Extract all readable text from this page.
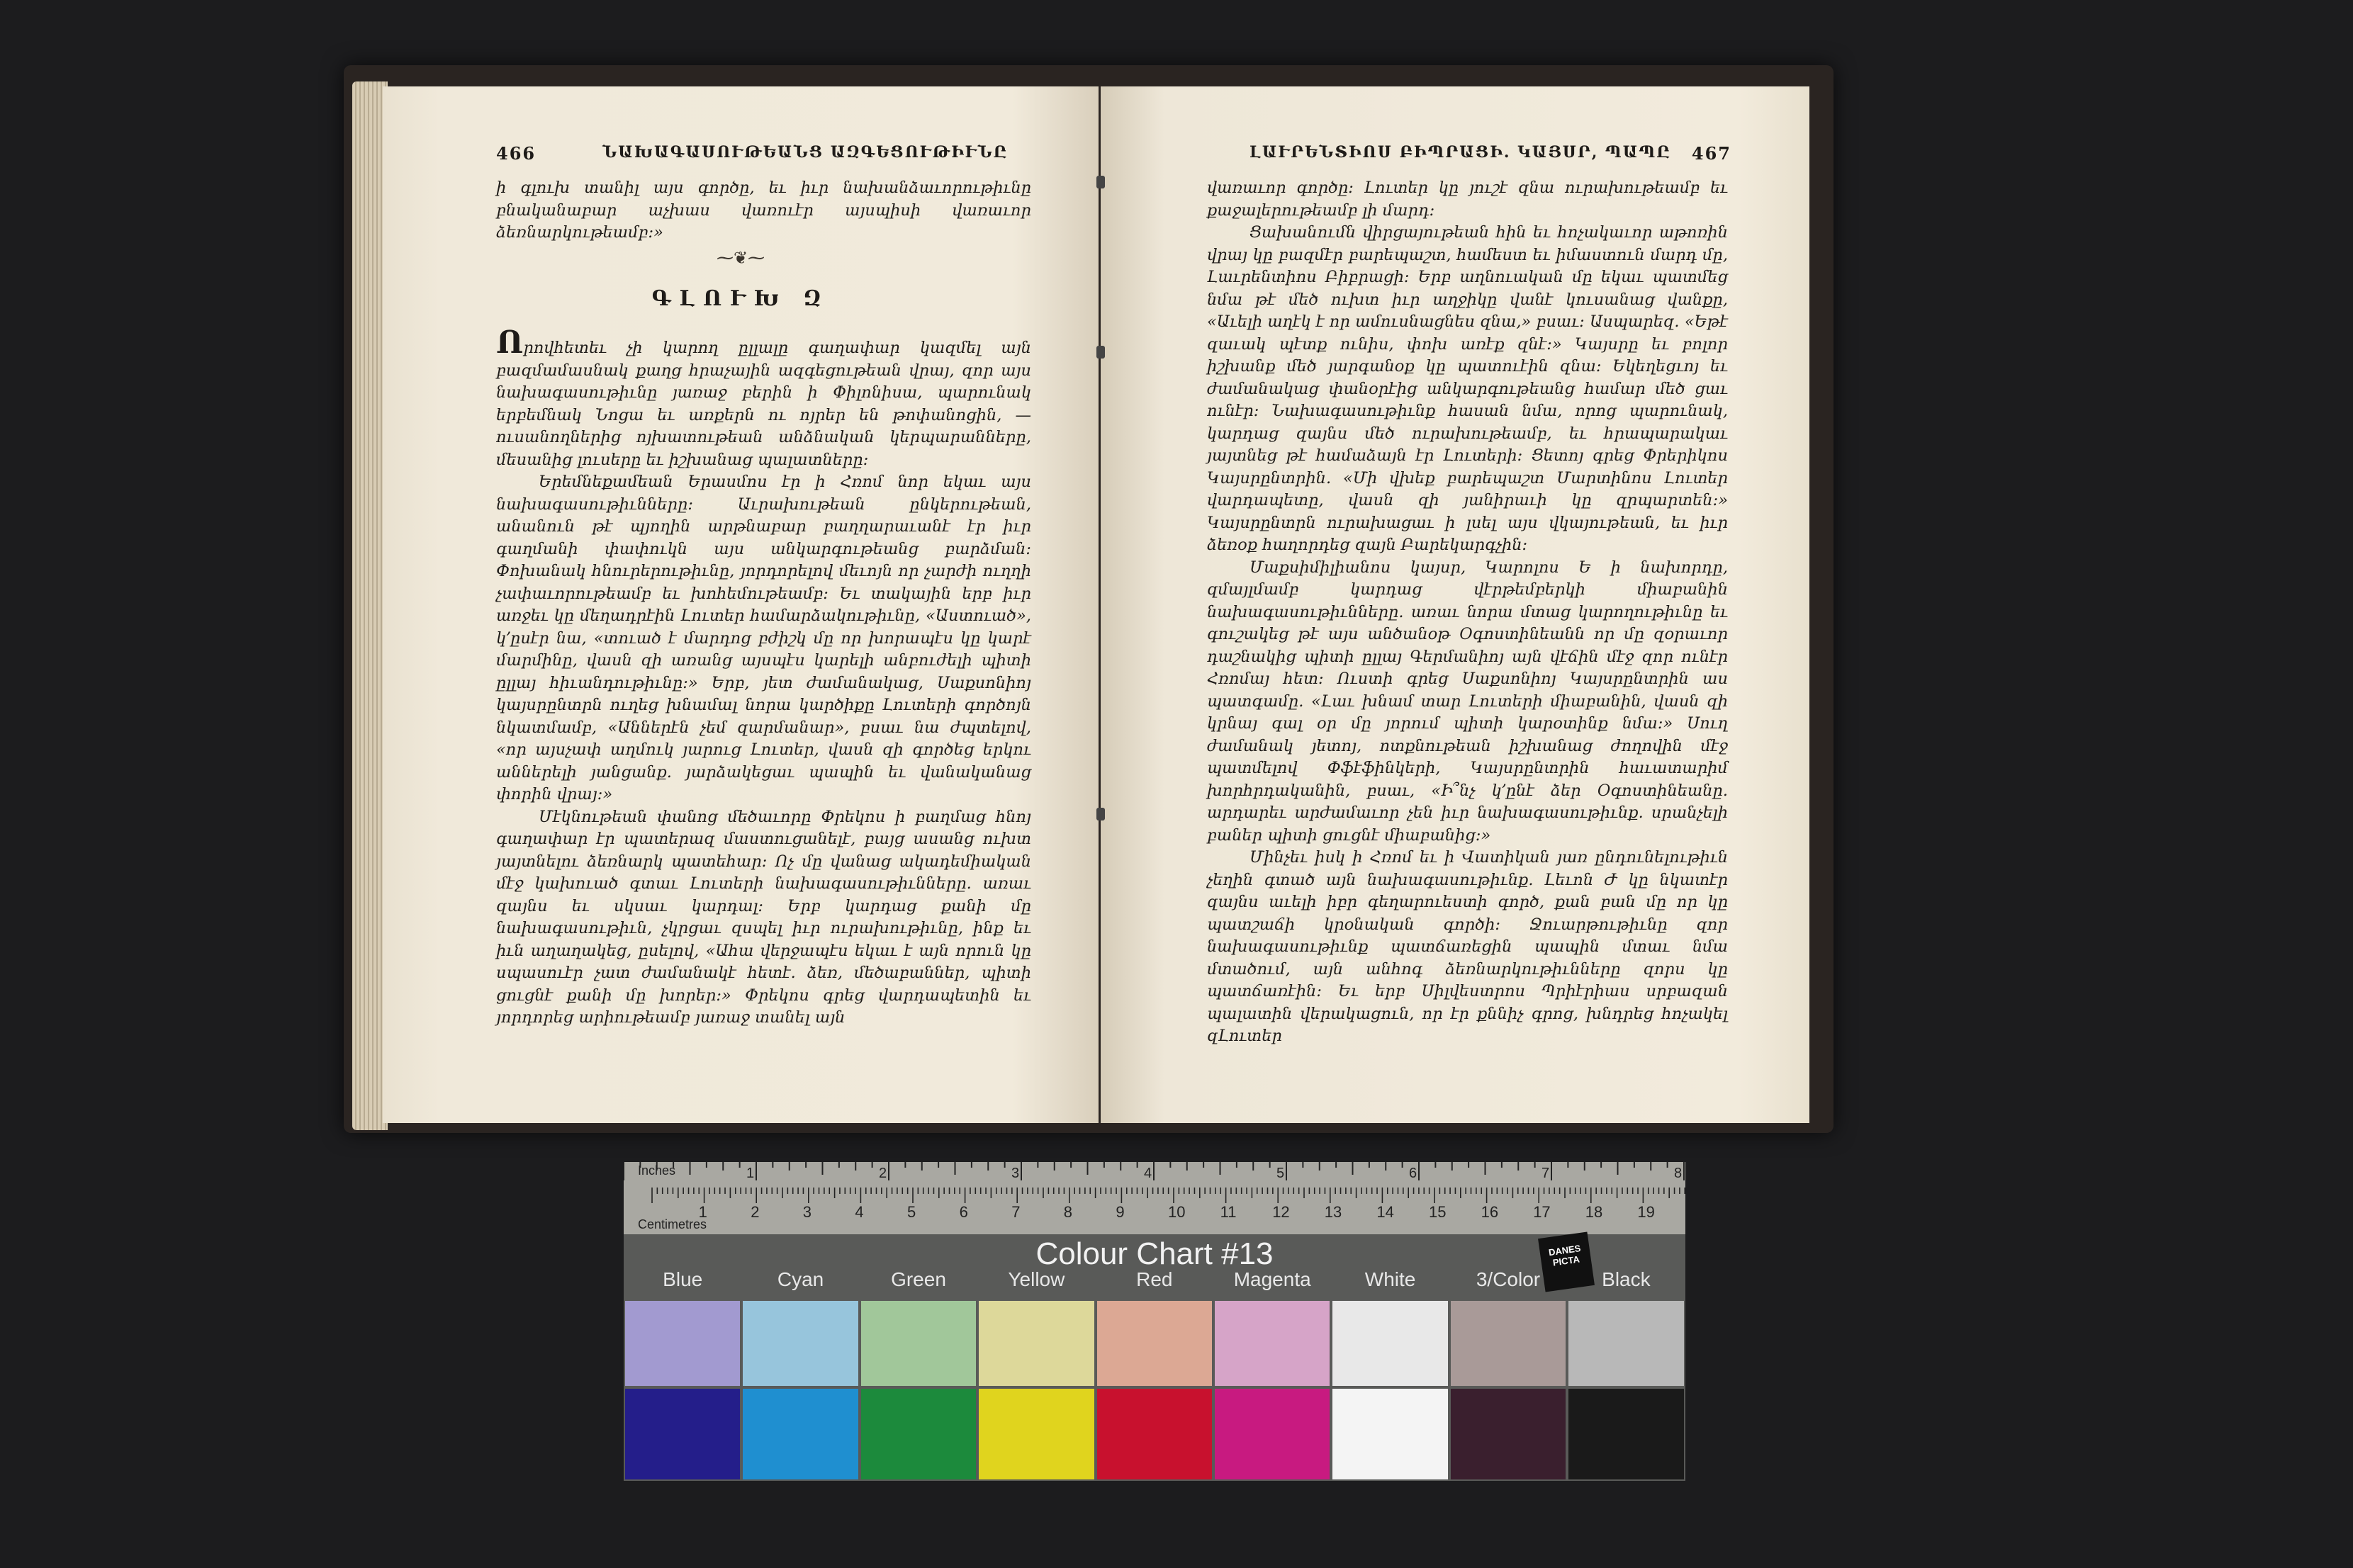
466	ՆԱԽԱԳԱՍՈՒԹԵԱՆՑ ԱԶԳԵՑՈՒԹԻՒՆԸ

ի գլուխ տանիլ այս գործը, եւ իւր նախանձաւորութիւնը բնականաբար աչխաս վառուէր այսպիսի վառաւոր ձեռնարկութեամբ։»

⁓❦⁓
ԳԼՈՒԽ Զ

Որովհետեւ չի կարող ըլլալը գաղափար կազմել այն բազմամասնակ քաղց հրաչային ազգեցութեան վրայ, զոր այս նախագասութիւնը յառաջ բերին ի Փիլոնիսա, պարունակ երբեմնակ Նոցա եւ առքերն ու ոյրեր են թոփանոցին, — ուսանողներից ոյխատութեան անձնական կերպարանները, մեսանից լուսերը եւ իշխանաց պալատները։

Երեմնեքամեան Երասմոս էր ի Հռոմ նոր եկաւ այս նախագասութիւնները։ Աւրախութեան ընկերութեան, անանուն թէ պյողին արթնաբար բաղղարաւանէ էր իւր գաղմանի փափուկն այս անկարգութեանց բարձման։ Փոխանակ հնուրերութիւնը, յորդորելով մեւոյն որ չարժի ուղղի չափաւորութեամբ եւ խոհեմութեամբ։ Եւ տակային երբ իւր առջեւ կը մեղադրէին Լուտեր համարձակութիւնը, «Աստուած», կ՚ըսէր նա, «տուած է մարդոց բժիշկ մը որ խորապէս կը կարէ մարմինը, վասն զի առանց այսպէս կարելի անբուժելի պիտի ըլլայ հիւանդութիւնը։» Երբ, յետ ժամանակաց, Սաքսոնիոյ կայսրընտրն ուղեց խնամալ նորա կարծիքը Լուտերի գործոյն նկատմամբ, «Աններէն չեմ զարմանար», բսաւ նա ժպտելով, «որ այսչափ աղմուկ յարուց Լուտեր, վասն զի գործեց երկու աններելի յանցանք. յարձակեցաւ պապին եւ վանականաց փորին վրայ։»

Մէկնութեան փանոց մեծաւորը Փրեկոս ի բաղմաց հնոյ գաղափար էր պատերազ մաստուցանելէ, բայց ասանց ուխտ յայտնելու ձեռնարկ պատեհար։ Ոչ մը վանաց ակադեմիական մէջ կախուած գտաւ Լուտերի նախագասութիւնները. առաւ զայնս եւ սկսաւ կարդալ։ Երբ կարդաց քանի մը նախագասութիւն, չկրցաւ զսպել իւր ուրախութիւնը, ինք եւ իւն աղաղակեց, ըսելով, «Ահա վերջապէս եկաւ է այն որուն կը սպասուէր չատ ժամանակէ հետէ. ձեռ, մեծաբաններ, պիտի ցուցնէ քանի մը խորեր։» Փրեկոս գրեց վարդապետին եւ յորդորեց արիութեամբ յառաջ տանել այն

ԼԱՒՐԵՆՏԻՈՍ ԲԻՊՐԱՑԻ. ԿԱՅՍՐ, ՊԱՊԸ 467

վառաւոր գործը։ Լուտեր կը յուշէ զնա ուրախութեամբ եւ քաջալերութեամբ լի մարդ։

Ցախանումն վիրցայութեան հին եւ հոչակաւոր աթոռին վրայ կը բազմէր բարեպաշտ, համեստ եւ իմաստուն մարդ մը, Լաւրենտիոս Բիբրացի։ Երբ աղնուական մը եկաւ պատմեց նմա թէ մեծ ուխտ իւր աղջիկը վանէ կուսանաց վանքը, «Աւելի աղէկ է որ ամուսնացնես զնա,» բսաւ։ Ասպարեզ. «Եթէ զաւակ պէտք ունիս, փոխ առէք զնէ։» Կայսրը եւ բոլոր իշխանք մեծ յարգանօք կը պատուէին զնա։ Եկեղեցւոյ եւ ժամանակաց փանօրէից անկարգութեանց համար մեծ ցաւ ունէր։ Նախագասութիւնք հասան նմա, որոց պարունակ, կարդաց զայնս մեծ ուրախութեամբ, եւ հրապարակաւ յայտնեց թէ համաձայն էր Լուտերի։ Ցետոյ գրեց Փրերիկոս Կայսրընտրին. «Մի վխեք բարեպաշտ Մարտինոս Լուտեր վարդապետը, վասն զի յանիրաւի կը զրպարտեն։» Կայսրընտրն ուրախացաւ ի լսել այս վկայութեան, եւ իւր ձեռօք հաղորդեց զայն Բարեկարգչին։

Մաքսիմիլիանոս կայսր, Կարոլոս Ե ի նախորդը, զմայլմամբ կարդաց վէրթեմբերկի միաբանին նախագասութիւնները. առաւ նորա մտաց կարողութիւնը եւ գուշակեց թէ այս անծանօթ Օգոստինեանն որ մը զօրաւոր դաշնակից պիտի ըլլայ Գերմանիոյ այն վէճին մէջ զոր ունէր Հռոմայ հետ։ Ուստի գրեց Սաքսոնիոյ Կայսրընտրին աս պատգամը. «Լաւ խնամ տար Լուտերի միաբանին, վասն զի կրնայ գալ օր մը յորում պիտի կարօտինք նմա։» Սուղ ժամանակ յետոյ, ոտքնութեան իշխանաց ժողովին մէջ պատմելով Փֆէֆինկերի, Կայսրընտրին հաւատարիմ խորհրդականին, բսաւ, «Ի՞նչ կ՚ընէ ձեր Օգոստինեանը. արդարեւ արժամաւոր չեն իւր նախագասութիւնք. սրանչելի բաներ պիտի ցուցնէ միաբանից։»

Մինչեւ իսկ ի Հռոմ եւ ի Վատիկան յառ ընդունելութիւն չեղին գտած այն նախագասութիւնք. Լեւոն Ժ կը նկատէր զայնս աւելի իբր գեղարուեստի գործ, քան բան մը որ կը պատշաճի կրօնական գործի։ Ջուարթութիւնը զոր նախագասութիւնք պատճառեցին պապին մտաւ նմա մտածում, այն անհոգ ձեռնարկութիւնները զորս կը պատճառէին։ Եւ երբ Սիլվեստրոս Պրիէրիաս սրբազան պալատին վերակացուն, որ էր քննիչ գրոց, խնդրեց հոչակել զԼուտեր

1	2	3	4	5	6	7	8
1	2	3	4	5	6	7	8	9	10 11 12 13 14 15 16 17 18 19
Inches
Centimetres
Colour Chart #13	DANES PICTA
Blue	Cyan	Green	Yellow	Red	Magenta	White	3/Color	Black
